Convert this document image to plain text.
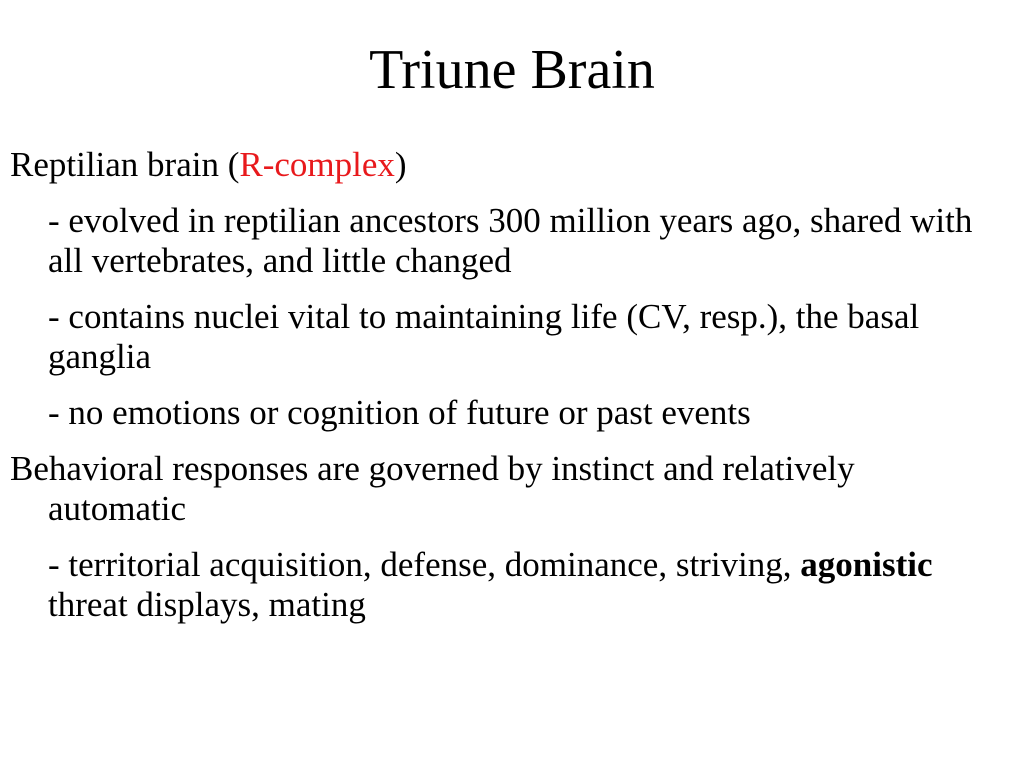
Triune Brain

Reptilian brain (R-complex)

- evolved in reptilian ancestors 300 million years ago, shared with all vertebrates, and little changed

- contains nuclei vital to maintaining life (CV, resp.), the basal ganglia

- no emotions or cognition of future or past events

Behavioral responses are governed by instinct and relatively automatic

- territorial acquisition, defense, dominance, striving, agonistic threat displays, mating
